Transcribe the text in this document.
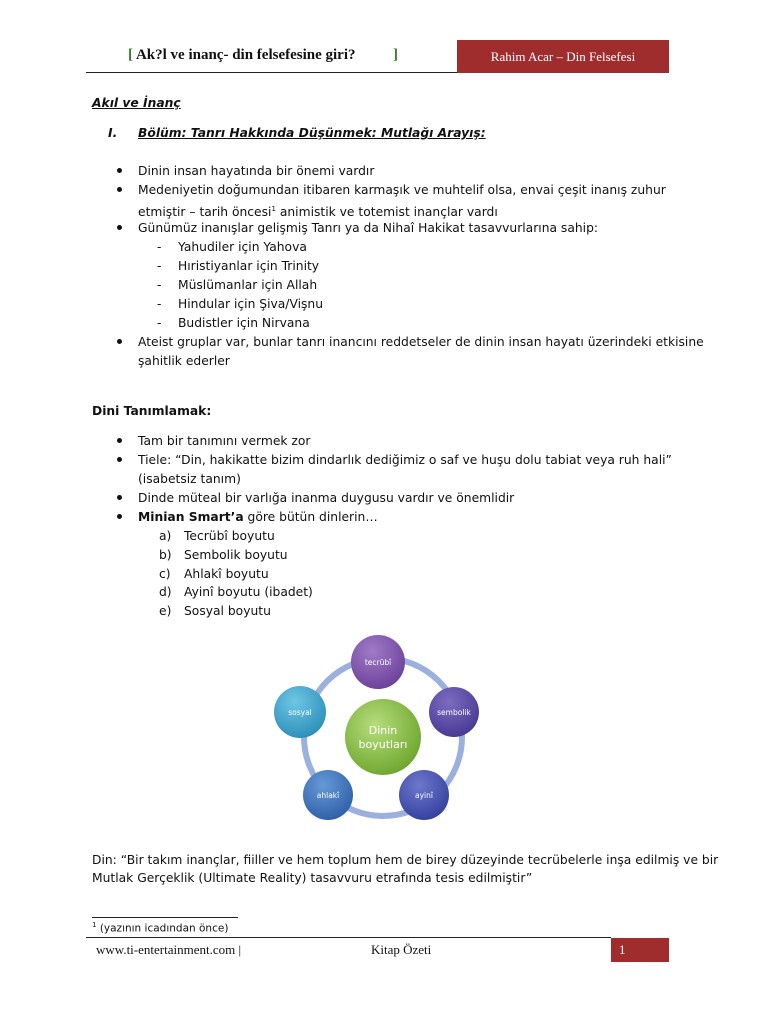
[ Ak?l ve inanç- din felsefesine giri?	]	Rahim Acar – Din Felsefesi
Akıl ve İnanç
I. Bölüm: Tanrı Hakkında Düşünmek: Mutlağı Arayış:
Dinin insan hayatında bir önemi vardır
Medeniyetin doğumundan itibaren karmaşık ve muhtelif olsa, envai çeşit inanış zuhur
etmiştir – tarih öncesi$^1$ animistik ve totemist inançlar vardı
Günümüz inanışlar gelişmiş Tanrı ya da Nihaî Hakikat tasavvurlarına sahip:
- Yahudiler için Yahova
- Hıristiyanlar için Trinity
- Müslümanlar için Allah
- Hindular için Şiva/Vişnu
- Budistler için Nirvana
Ateist gruplar var, bunlar tanrı inancını reddetseler de dinin insan hayatı üzerindeki etkisine
şahitlik ederler
Dini Tanımlamak:
Tam bir tanımını vermek zor
Tiele: “Din, hakikatte bizim dindarlık dediğimiz o saf ve huşu dolu tabiat veya ruh hali”
(isabetsiz tanım)
Dinde müteal bir varlığa inanma duygusu vardır ve önemlidir
Minian Smart’a göre bütün dinlerin…
a) Tecrübî boyutu
b) Sembolik boyutu
c) Ahlakî boyutu
d) Ayinî boyutu (ibadet)
e) Sosyal boyutu
Dinin
boyutları
tecrübî
sembolik
ayinî
ahlakî
sosyal
Din: “Bir takım inançlar, fiiller ve hem toplum hem de birey düzeyinde tecrübelerle inşa edilmiş ve bir
Mutlak Gerçeklik (Ultimate Reality) tasavvuru etrafında tesis edilmiştir”
$^1$ (yazının icadından önce)
www.ti-entertainment.com |	Kitap Özeti	1
